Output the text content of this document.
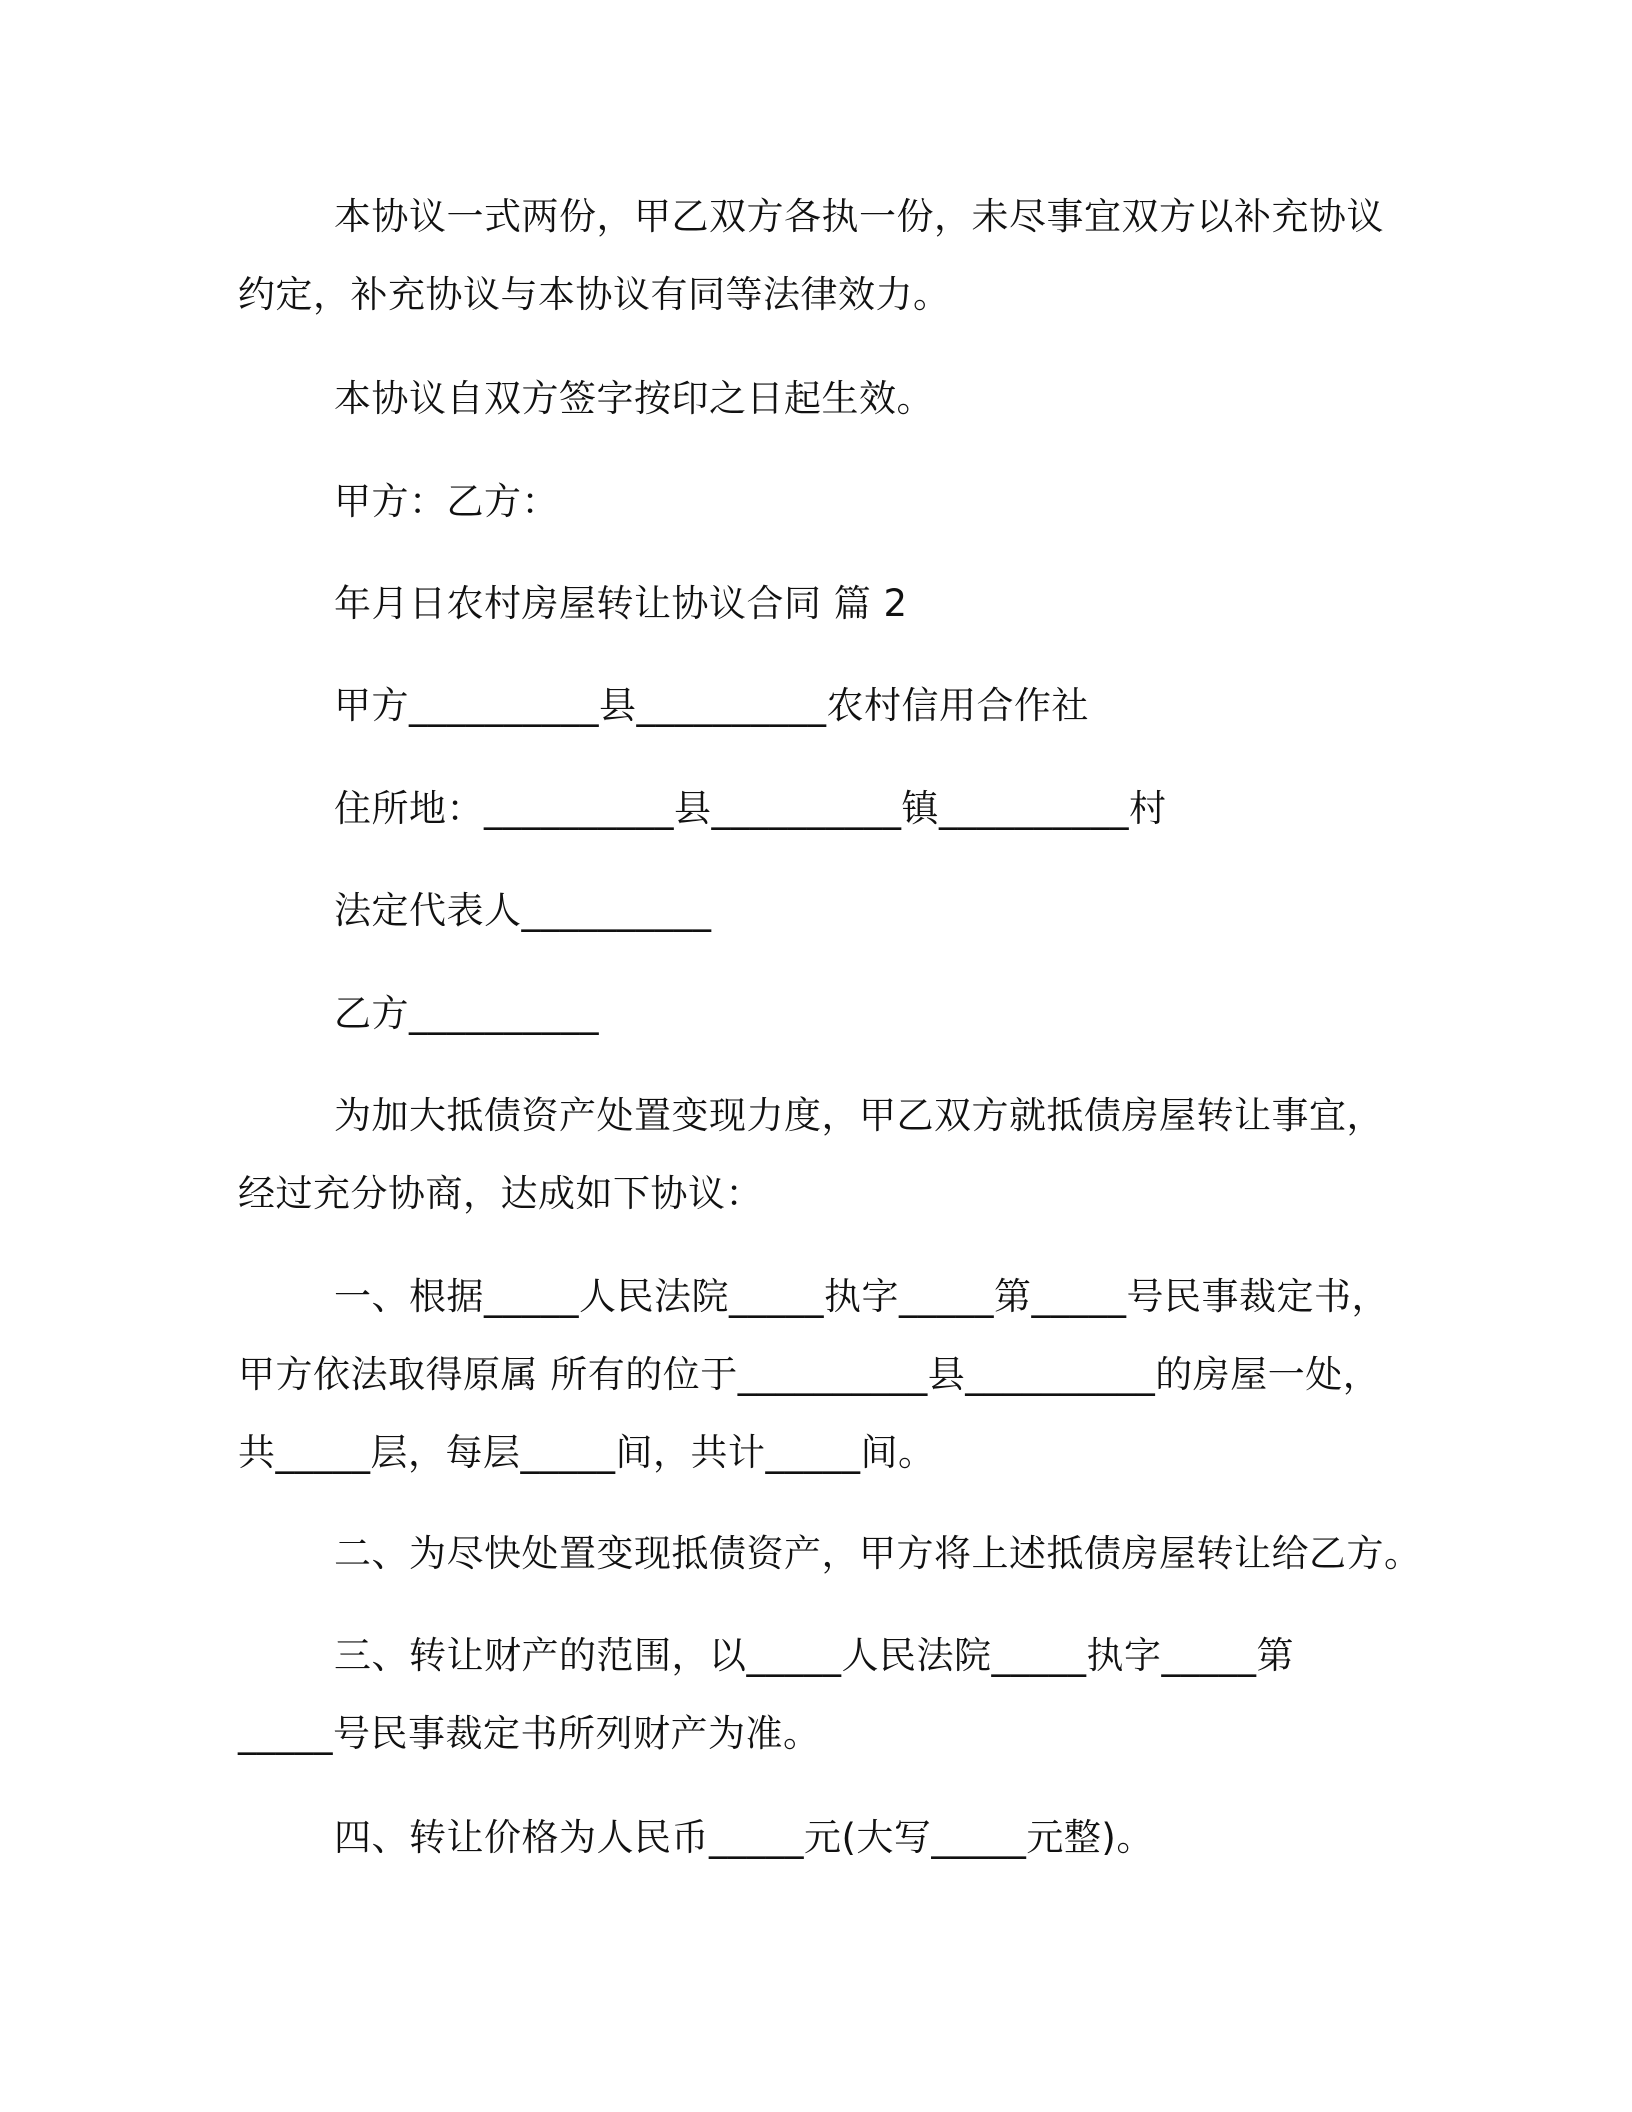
本协议一式两份，甲乙双方各执一份，未尽事宜双方以补充协议
约定，补充协议与本协议有同等法律效力。

本协议自双方签字按印之日起生效。

甲方：乙方：

年月日农村房屋转让协议合同 篇 2

甲方__________县__________农村信用合作社

住所地：__________县__________镇__________村

法定代表人__________

乙方__________

为加大抵债资产处置变现力度，甲乙双方就抵债房屋转让事宜，
经过充分协商，达成如下协议：

一、根据_____人民法院_____执字_____第_____号民事裁定书，
甲方依法取得原属 所有的位于__________县__________的房屋一处，
共_____层，每层_____间，共计_____间。

二、为尽快处置变现抵债资产，甲方将上述抵债房屋转让给乙方。

三、转让财产的范围，以_____人民法院_____执字_____第
_____号民事裁定书所列财产为准。

四、转让价格为人民币_____元(大写_____元整)。
